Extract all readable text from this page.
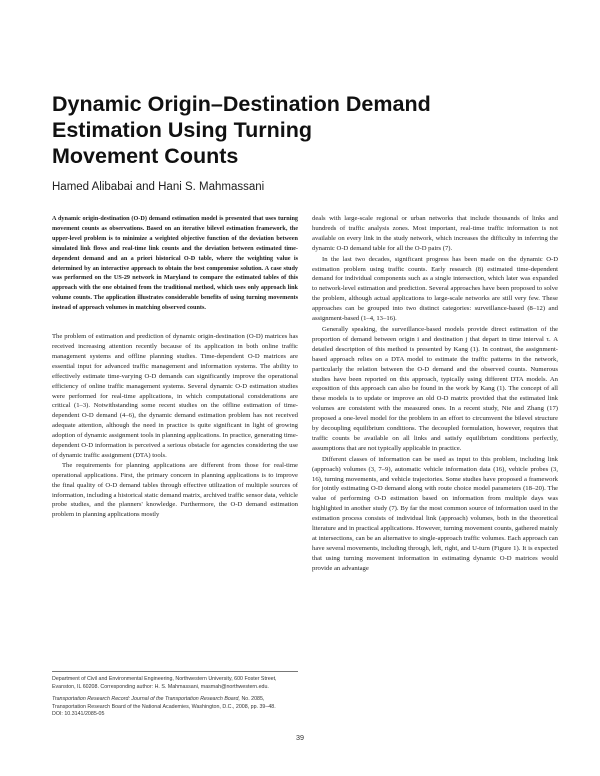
Dynamic Origin–Destination Demand
Estimation Using Turning
Movement Counts
Hamed Alibabai and Hani S. Mahmassani

A dynamic origin-destination (O-D) demand estimation model is presented that uses turning movement counts as observations. Based on an iterative bilevel estimation framework, the upper-level problem is to minimize a weighted objective function of the deviation between simulated link flows and real-time link counts and the deviation between estimated time-dependent demand and an a priori historical O-D table, where the weighting value is determined by an interactive approach to obtain the best compromise solution. A case study was performed on the US-29 network in Maryland to compare the estimated tables of this approach with the one obtained from the traditional method, which uses only approach link volume counts. The application illustrates considerable benefits of using turning movements instead of approach volumes in matching observed counts.

The problem of estimation and prediction of dynamic origin-destination (O-D) matrices has received increasing attention recently because of its application in both online traffic management systems and offline planning studies. Time-dependent O-D matrices are essential input for advanced traffic management and information systems. The ability to effectively estimate time-varying O-D demands can significantly improve the operational efficiency of online traffic management systems. Several dynamic O-D estimation studies were performed for real-time applications, in which computational considerations are critical (1–3). Notwithstanding some recent studies on the offline estimation of time-dependent O-D demand (4–6), the dynamic demand estimation problem has not received adequate attention, although the need in practice is quite significant in light of growing adoption of dynamic assignment tools in planning applications. In practice, generating time-dependent O-D information is perceived a serious obstacle for agencies considering the use of dynamic traffic assignment (DTA) tools.

The requirements for planning applications are different from those for real-time operational applications. First, the primary concern in planning applications is to improve the final quality of O-D demand tables through effective utilization of multiple sources of information, including a historical static demand matrix, archived traffic sensor data, vehicle probe studies, and the planners' knowledge. Furthermore, the O-D demand estimation problem in planning applications mostly

deals with large-scale regional or urban networks that include thousands of links and hundreds of traffic analysis zones. Most important, real-time traffic information is not available on every link in the study network, which increases the difficulty in inferring the dynamic O-D demand table for all the O-D pairs (7).

In the last two decades, significant progress has been made on the dynamic O-D estimation problem using traffic counts. Early research (8) estimated time-dependent demand for individual components such as a single intersection, which later was expanded to network-level estimation and prediction. Several approaches have been proposed to solve the problem, although actual applications to large-scale networks are still very few. These approaches can be grouped into two distinct categories: surveillance-based (8–12) and assignment-based (1–4, 13–16).

Generally speaking, the surveillance-based models provide direct estimation of the proportion of demand between origin i and destination j that depart in time interval τ. A detailed description of this method is presented by Kang (1). In contrast, the assignment-based approach relies on a DTA model to estimate the traffic patterns in the network, particularly the relation between the O-D demand and the observed counts. Numerous studies have been reported on this approach, typically using different DTA models. An exposition of this approach can also be found in the work by Kang (1). The concept of all these models is to update or improve an old O-D matrix provided that the estimated link volumes are consistent with the measured ones. In a recent study, Nie and Zhang (17) proposed a one-level model for the problem in an effort to circumvent the bilevel structure by decoupling equilibrium conditions. The decoupled formulation, however, requires that traffic counts be available on all links and satisfy equilibrium conditions perfectly, assumptions that are not typically applicable in practice.

Different classes of information can be used as input to this problem, including link (approach) volumes (3, 7–9), automatic vehicle information data (16), vehicle probes (3, 16), turning movements, and vehicle trajectories. Some studies have proposed a framework for jointly estimating O-D demand along with route choice model parameters (18–20). The value of performing O-D estimation based on information from multiple days was highlighted in another study (7). By far the most common source of information used in the estimation process consists of individual link (approach) volumes, both in the theoretical literature and in practical applications. However, turning movement counts, gathered mainly at intersections, can be an alternative to single-approach traffic volumes. Each approach can have several movements, including through, left, right, and U-turn (Figure 1). It is expected that using turning movement information in estimating dynamic O-D matrices would provide an advantage

Department of Civil and Environmental Engineering, Northwestern University, 600 Foster Street, Evanston, IL 60208. Corresponding author: H. S. Mahmassani, masmah@northwestern.edu.

Transportation Research Record: Journal of the Transportation Research Board, No. 2085, Transportation Research Board of the National Academies, Washington, D.C., 2008, pp. 39–48.

DOI: 10.3141/2085-05

39
